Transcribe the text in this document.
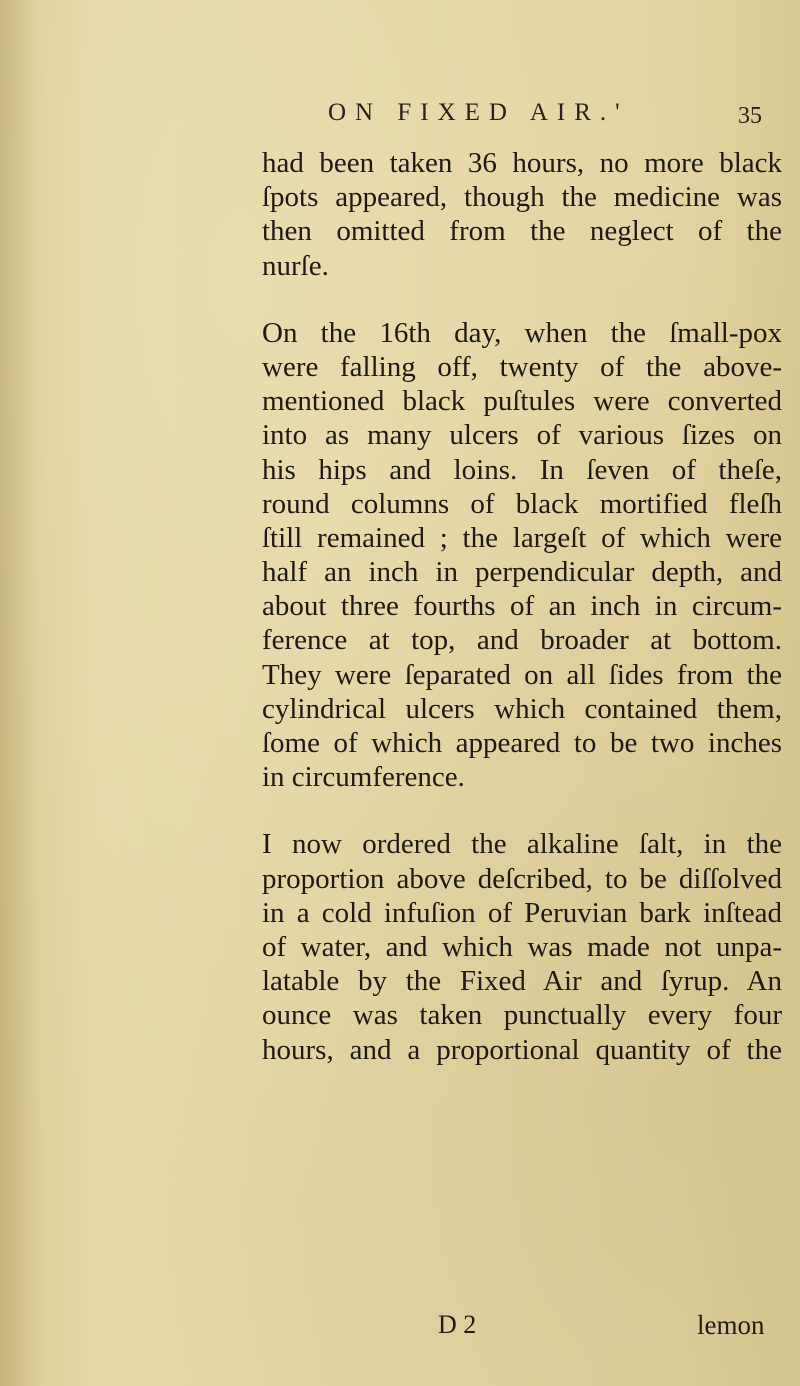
ON FIXED AIR.'	35
had been taken 36 hours, no more black
ſpots appeared, though the medicine was
then omitted from the neglect of the
nurſe.
On the 16th day, when the ſmall-pox
were falling off, twenty of the above-
mentioned black puſtules were converted
into as many ulcers of various ſizes on
his hips and loins. In ſeven of theſe,
round columns of black mortified fleſh
ſtill remained ; the largeſt of which were
half an inch in perpendicular depth, and
about three fourths of an inch in circum-
ference at top, and broader at bottom.
They were ſeparated on all ſides from the
cylindrical ulcers which contained them,
ſome of which appeared to be two inches
in circumference.
I now ordered the alkaline ſalt, in the
proportion above deſcribed, to be diſſolved
in a cold infuſion of Peruvian bark inſtead
of water, and which was made not unpa-
latable by the Fixed Air and ſyrup. An
ounce was taken punctually every four
hours, and a proportional quantity of the
D 2	lemon
